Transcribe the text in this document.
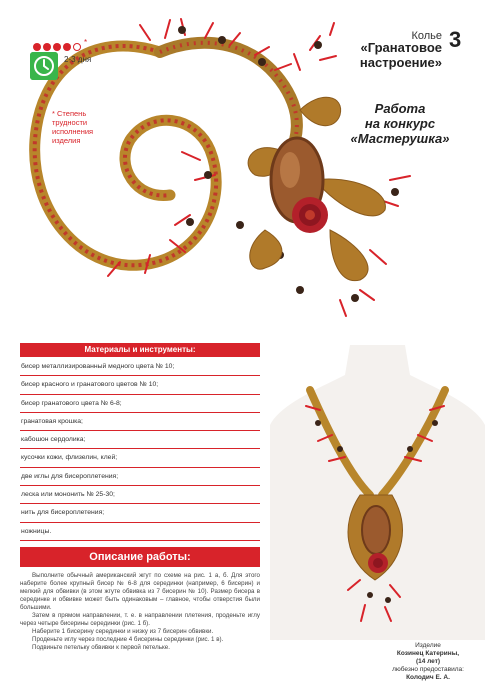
*
2-3 дня
* Степень трудности исполнения изделия
Колье
«Гранатовое
настроение»
3
Работа
на конкурс
«Мастерушка»
Материалы и инструменты:
бисер металлизированный медного цвета № 10;
бисер красного и гранатового цветов № 10;
бисер гранатового цвета № 6-8;
гранатовая крошка;
кабошон сердолика;
кусочки кожи, флизелин, клей;
две иглы для бисероплетения;
леска или мононить № 25-30;
нить для бисероплетения;
ножницы.
Описание работы:

Выполните обычный американский жгут по схеме на рис. 1 а, б. Для этого наберите более крупный бисер № 6-8 для серединки (например, 6 бисерин) и мелкий для обвивки (в этом жгуте обвивка из 7 бисерин № 10). Размер бисера в серединке и обвивке может быть одинаковым – главное, чтобы отверстия были большими.

Затем в прямом направлении, т. е. в направлении плетения, проденьте иглу через четыре бисерины серединки (рис. 1 б).

Наберите 1 бисерину серединки и низку из 7 бисерин обвивки.

Проденьте иглу через последние 4 бисерины серединки (рис. 1 в).

Подвиньте петельку обвивки к первой петельке.	Изделие
Козинец Катерины,
(14 лет)
любезно предоставила:
Колодич Е. А.
